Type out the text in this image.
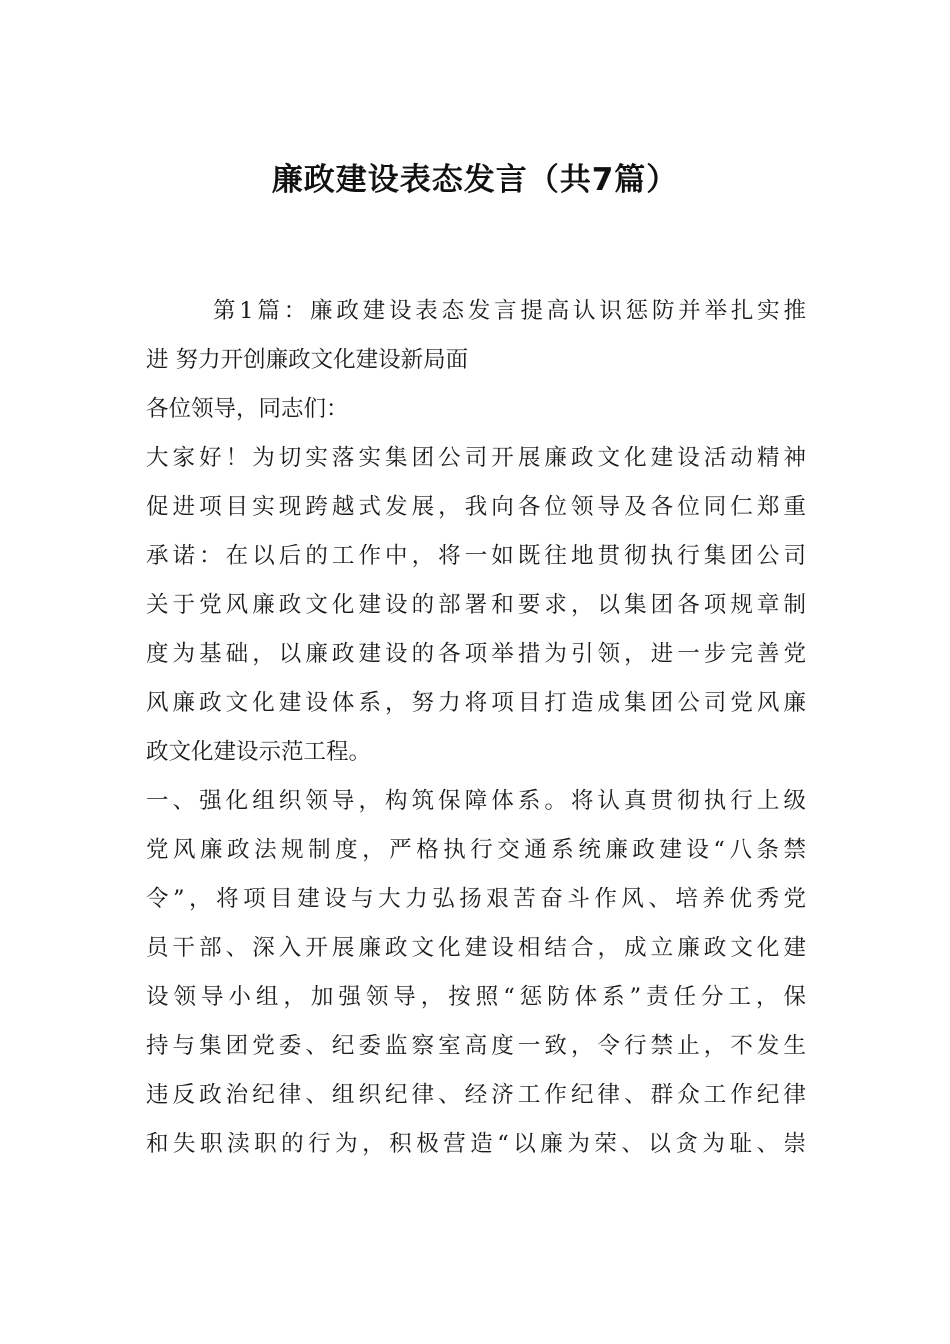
廉政建设表态发言（共7篇）
第1篇：廉政建设表态发言提高认识惩防并举扎实推
进 努力开创廉政文化建设新局面
各位领导，同志们：
大家好！为切实落实集团公司开展廉政文化建设活动精神
促进项目实现跨越式发展，我向各位领导及各位同仁郑重
承诺：在以后的工作中，将一如既往地贯彻执行集团公司
关于党风廉政文化建设的部署和要求，以集团各项规章制
度为基础，以廉政建设的各项举措为引领，进一步完善党
风廉政文化建设体系，努力将项目打造成集团公司党风廉
政文化建设示范工程。
一、强化组织领导，构筑保障体系。将认真贯彻执行上级
党风廉政法规制度，严格执行交通系统廉政建设“八条禁
令”，将项目建设与大力弘扬艰苦奋斗作风、培养优秀党
员干部、深入开展廉政文化建设相结合，成立廉政文化建
设领导小组，加强领导，按照“惩防体系”责任分工，保
持与集团党委、纪委监察室高度一致，令行禁止，不发生
违反政治纪律、组织纪律、经济工作纪律、群众工作纪律
和失职渎职的行为，积极营造“以廉为荣、以贪为耻、崇
